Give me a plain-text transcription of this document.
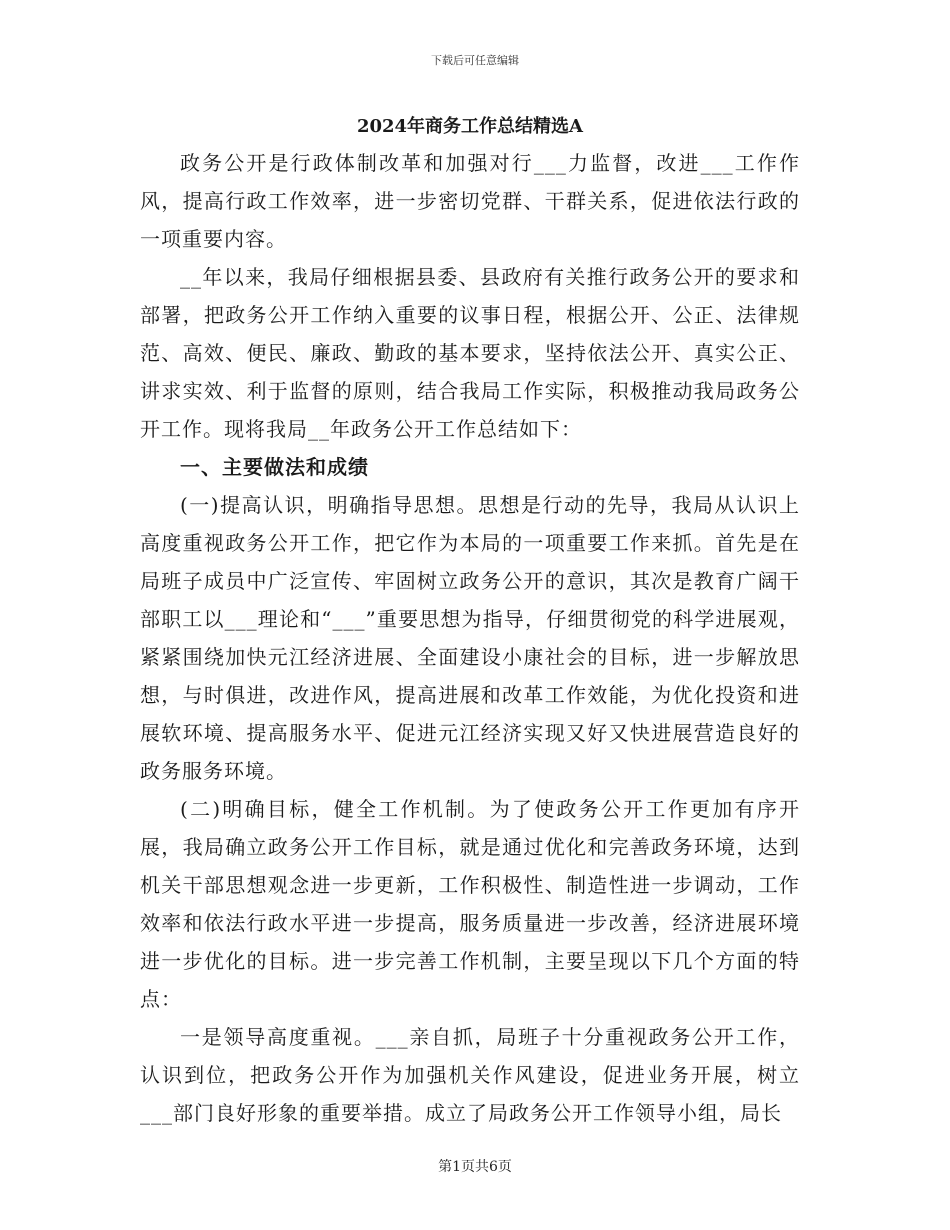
下载后可任意编辑
2024年商务工作总结精选A

政务公开是行政体制改革和加强对行___力监督，改进___工作作风，提高行政工作效率，进一步密切党群、干群关系，促进依法行政的一项重要内容。

__年以来，我局仔细根据县委、县政府有关推行政务公开的要求和部署，把政务公开工作纳入重要的议事日程，根据公开、公正、法律规范、高效、便民、廉政、勤政的基本要求，坚持依法公开、真实公正、讲求实效、利于监督的原则，结合我局工作实际，积极推动我局政务公开工作。现将我局__年政务公开工作总结如下：

一、主要做法和成绩

(一)提高认识，明确指导思想。思想是行动的先导，我局从认识上高度重视政务公开工作，把它作为本局的一项重要工作来抓。首先是在局班子成员中广泛宣传、牢固树立政务公开的意识，其次是教育广阔干部职工以___理论和“___”重要思想为指导，仔细贯彻党的科学进展观，紧紧围绕加快元江经济进展、全面建设小康社会的目标，进一步解放思想，与时俱进，改进作风，提高进展和改革工作效能，为优化投资和进展软环境、提高服务水平、促进元江经济实现又好又快进展营造良好的政务服务环境。

(二)明确目标，健全工作机制。为了使政务公开工作更加有序开展，我局确立政务公开工作目标，就是通过优化和完善政务环境，达到机关干部思想观念进一步更新，工作积极性、制造性进一步调动，工作效率和依法行政水平进一步提高，服务质量进一步改善，经济进展环境进一步优化的目标。进一步完善工作机制，主要呈现以下几个方面的特点：

一是领导高度重视。___亲自抓，局班子十分重视政务公开工作，认识到位，把政务公开作为加强机关作风建设，促进业务开展，树立___部门良好形象的重要举措。成立了局政务公开工作领导小组，局长

第1页共6页
